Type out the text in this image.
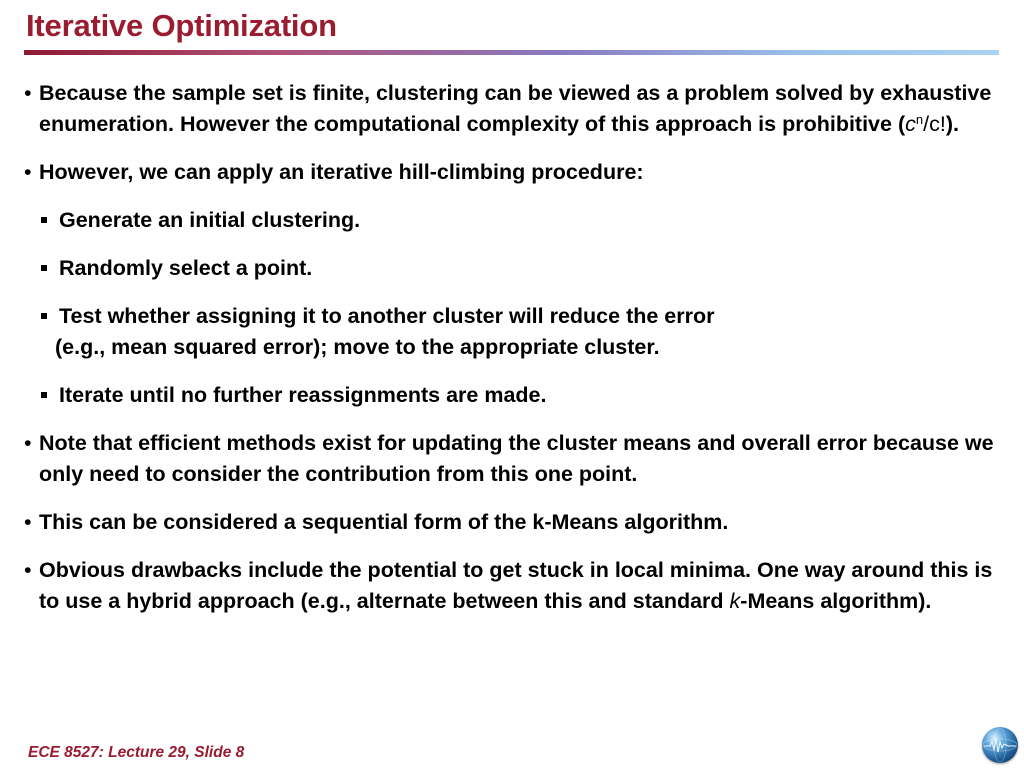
Iterative Optimization
• Because the sample set is finite, clustering can be viewed as a problem solved by exhaustive enumeration. However the computational complexity of this approach is prohibitive $(c^n/c!)$.
• However, we can apply an iterative hill-climbing procedure:
Generate an initial clustering.
Randomly select a point.
Test whether assigning it to another cluster will reduce the error
(e.g., mean squared error); move to the appropriate cluster.
Iterate until no further reassignments are made.
• Note that efficient methods exist for updating the cluster means and overall error because we only need to consider the contribution from this one point.
• This can be considered a sequential form of the k-Means algorithm.
• Obvious drawbacks include the potential to get stuck in local minima. One way around this is to use a hybrid approach (e.g., alternate between this and standard k-Means algorithm).
ECE 8527: Lecture 29, Slide 8
